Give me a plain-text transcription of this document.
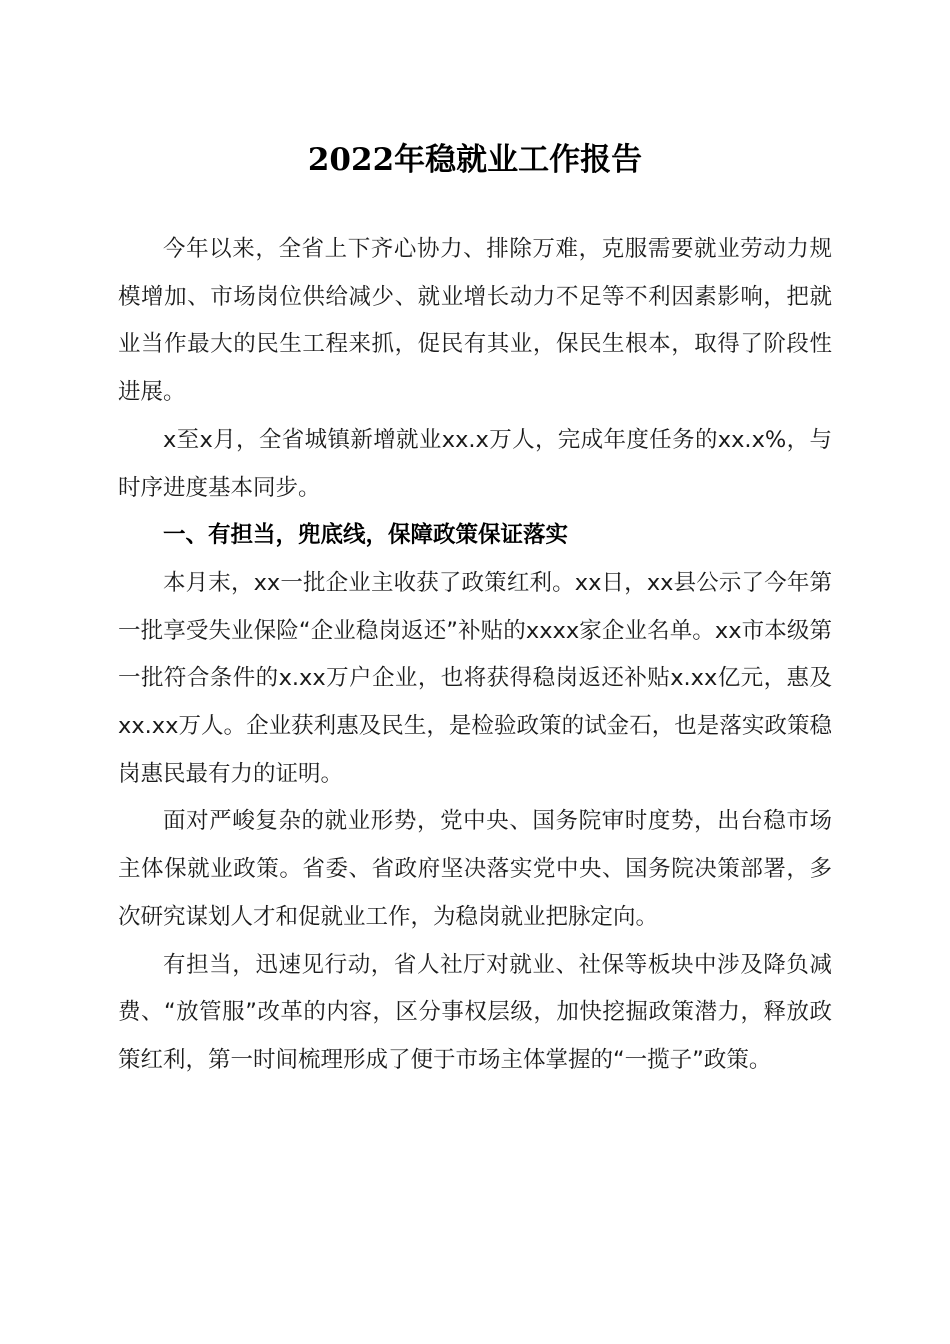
2022年稳就业工作报告

今年以来，全省上下齐心协力、排除万难，克服需要就业劳动力规模增加、市场岗位供给减少、就业增长动力不足等不利因素影响，把就业当作最大的民生工程来抓，促民有其业，保民生根本，取得了阶段性进展。

x至x月，全省城镇新增就业xx.x万人，完成年度任务的xx.x%，与时序进度基本同步。

一、有担当，兜底线，保障政策保证落实

本月末，xx一批企业主收获了政策红利。xx日，xx县公示了今年第一批享受失业保险“企业稳岗返还”补贴的xxxx家企业名单。xx市本级第一批符合条件的x.xx万户企业，也将获得稳岗返还补贴x.xx亿元，惠及xx.xx万人。企业获利惠及民生，是检验政策的试金石，也是落实政策稳岗惠民最有力的证明。

面对严峻复杂的就业形势，党中央、国务院审时度势，出台稳市场主体保就业政策。省委、省政府坚决落实党中央、国务院决策部署，多次研究谋划人才和促就业工作，为稳岗就业把脉定向。

有担当，迅速见行动，省人社厅对就业、社保等板块中涉及降负减费、“放管服”改革的内容，区分事权层级，加快挖掘政策潜力，释放政策红利，第一时间梳理形成了便于市场主体掌握的“一揽子”政策。
